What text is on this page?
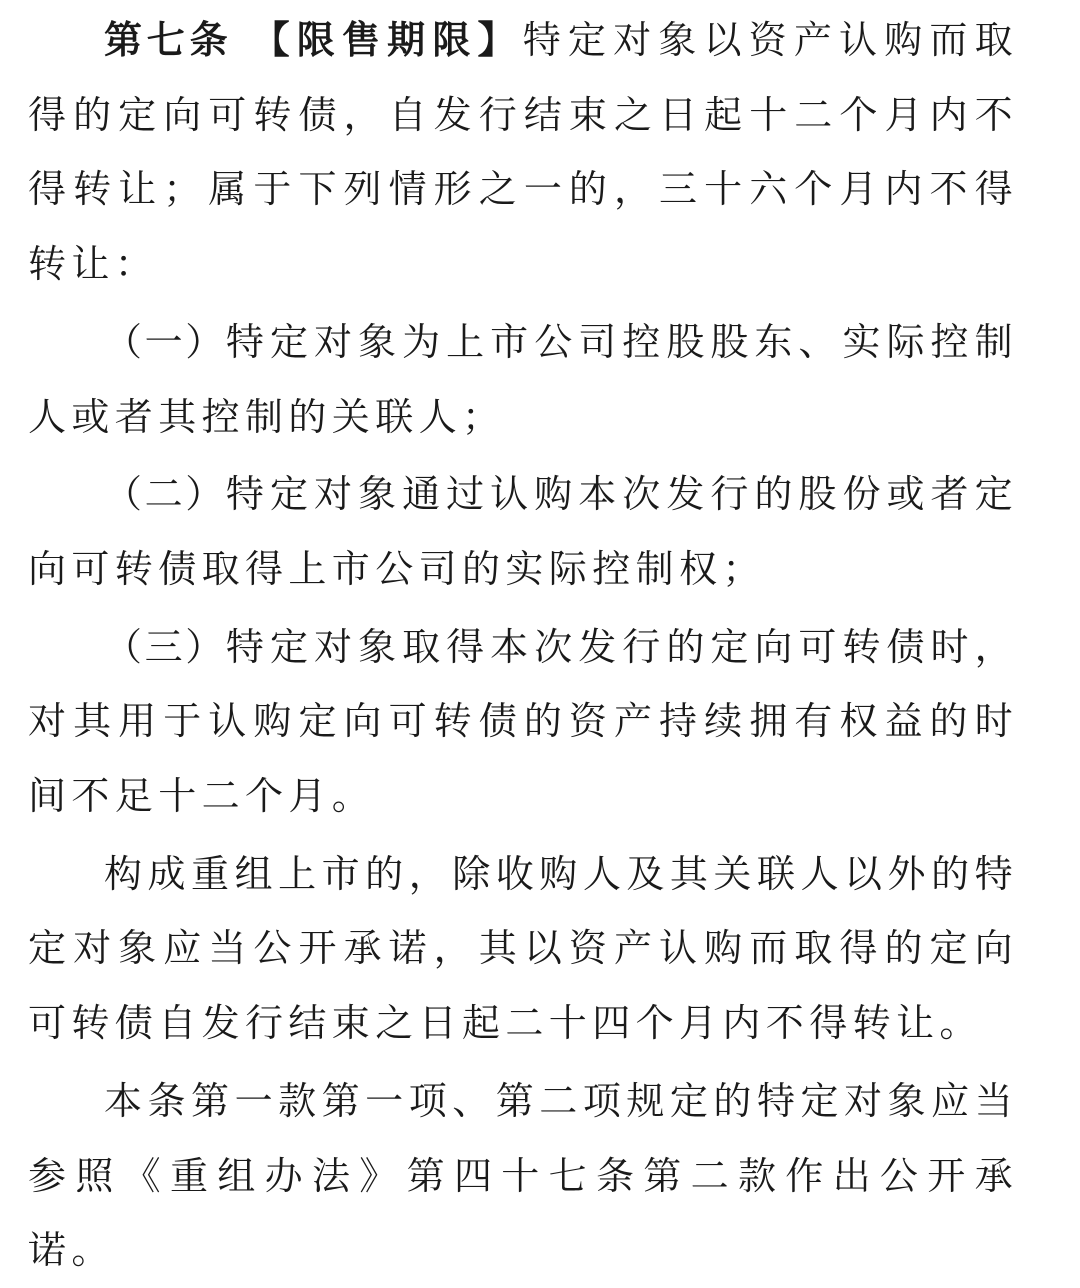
第七条 【限售期限】特定对象以资产认购而取得的定向可转债，自发行结束之日起十二个月内不得转让；属于下列情形之一的，三十六个月内不得转让：

（一）特定对象为上市公司控股股东、实际控制人或者其控制的关联人；

（二）特定对象通过认购本次发行的股份或者定向可转债取得上市公司的实际控制权；

（三）特定对象取得本次发行的定向可转债时，对其用于认购定向可转债的资产持续拥有权益的时间不足十二个月。

构成重组上市的，除收购人及其关联人以外的特定对象应当公开承诺，其以资产认购而取得的定向可转债自发行结束之日起二十四个月内不得转让。

本条第一款第一项、第二项规定的特定对象应当参照《重组办法》第四十七条第二款作出公开承诺。
